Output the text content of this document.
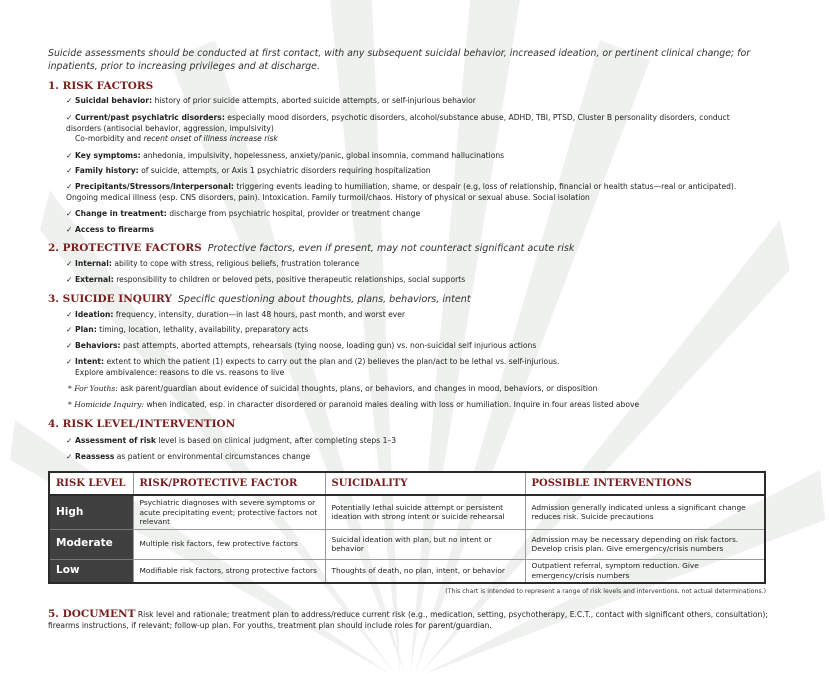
Suicide assessments should be conducted at first contact, with any subsequent suicidal behavior, increased ideation, or pertinent clinical change; for inpatients, prior to increasing privileges and at discharge.
1. RISK FACTORS
✓ Suicidal behavior: history of prior suicide attempts, aborted suicide attempts, or self-injurious behavior
✓ Current/past psychiatric disorders: especially mood disorders, psychotic disorders, alcohol/substance abuse, ADHD, TBI, PTSD, Cluster B personality disorders, conduct disorders (antisocial behavior, aggression, impulsivity)
Co-morbidity and recent onset of illness increase risk
✓ Key symptoms: anhedonia, impulsivity, hopelessness, anxiety/panic, global insomnia, command hallucinations
✓ Family history: of suicide, attempts, or Axis 1 psychiatric disorders requiring hospitalization
✓ Precipitants/Stressors/Interpersonal: triggering events leading to humiliation, shame, or despair (e.g, loss of relationship, financial or health status—real or anticipated). Ongoing medical illness (esp. CNS disorders, pain). Intoxication. Family turmoil/chaos. History of physical or sexual abuse. Social isolation
✓ Change in treatment: discharge from psychiatric hospital, provider or treatment change
✓ Access to firearms
2. PROTECTIVE FACTORS Protective factors, even if present, may not counteract significant acute risk
✓ Internal: ability to cope with stress, religious beliefs, frustration tolerance
✓ External: responsibility to children or beloved pets, positive therapeutic relationships, social supports
3. SUICIDE INQUIRY Specific questioning about thoughts, plans, behaviors, intent
✓ Ideation: frequency, intensity, duration—in last 48 hours, past month, and worst ever
✓ Plan: timing, location, lethality, availability, preparatory acts
✓ Behaviors: past attempts, aborted attempts, rehearsals (tying noose, loading gun) vs. non-suicidal self injurious actions
✓ Intent: extent to which the patient (1) expects to carry out the plan and (2) believes the plan/act to be lethal vs. self-injurious.
Explore ambivalence: reasons to die vs. reasons to live
* For Youths: ask parent/guardian about evidence of suicidal thoughts, plans, or behaviors, and changes in mood, behaviors, or disposition
* Homicide Inquiry: when indicated, esp. in character disordered or paranoid males dealing with loss or humiliation. Inquire in four areas listed above
4. RISK LEVEL/INTERVENTION
✓ Assessment of risk level is based on clinical judgment, after completing steps 1–3
✓ Reassess as patient or environmental circumstances change
RISK LEVEL	RISK/PROTECTIVE FACTOR	SUICIDALITY	POSSIBLE INTERVENTIONS
High	Psychiatric diagnoses with severe symptoms or acute precipitating event; protective factors not relevant	Potentially lethal suicide attempt or persistent ideation with strong intent or suicide rehearsal	Admission generally indicated unless a significant change reduces risk. Suicide precautions
Moderate	Multiple risk factors, few protective factors	Suicidal ideation with plan, but no intent or behavior	Admission may be necessary depending on risk factors. Develop crisis plan. Give emergency/crisis numbers
Low	Modifiable risk factors, strong protective factors	Thoughts of death, no plan, intent, or behavior	Outpatient referral, symptom reduction. Give emergency/crisis numbers
(This chart is intended to represent a range of risk levels and interventions, not actual determinations.)
5. DOCUMENT Risk level and rationale; treatment plan to address/reduce current risk (e.g., medication, setting, psychotherapy, E.C.T., contact with significant others, consultation); firearms instructions, if relevant; follow-up plan. For youths, treatment plan should include roles for parent/guardian.
